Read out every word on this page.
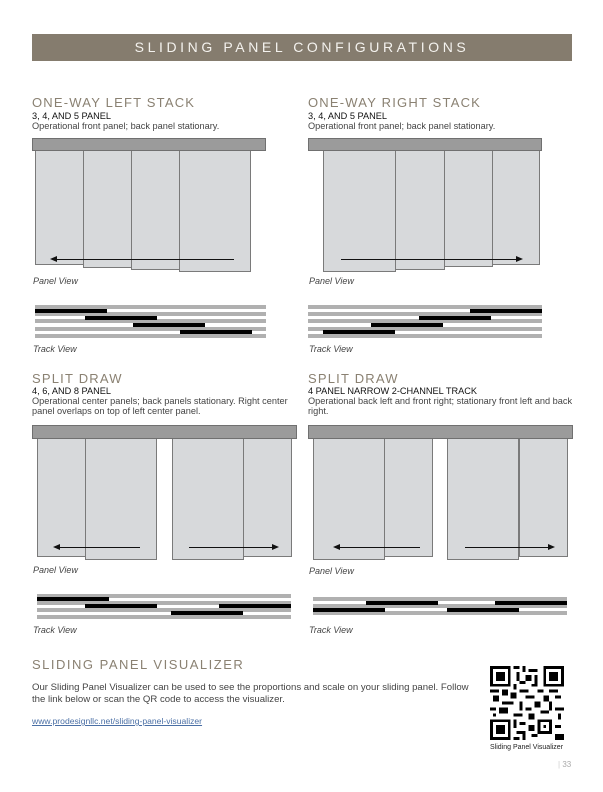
SLIDING PANEL CONFIGURATIONS
ONE-WAY LEFT STACK
3, 4, AND 5 PANEL
Operational front panel; back panel stationary.
Panel View
Track View
ONE-WAY RIGHT STACK
3, 4, AND 5 PANEL
Operational front panel; back panel stationary.
Panel View
Track View
SPLIT DRAW
4, 6, AND 8 PANEL
Operational center panels; back panels stationary. Right center panel overlaps on top of left center panel.
Panel View
Track View
SPLIT DRAW
4 PANEL NARROW 2-CHANNEL TRACK
Operational back left and front right; stationary front left and back right.
Panel View
Track View
SLIDING PANEL VISUALIZER
Our Sliding Panel Visualizer can be used to see the proportions and scale on your sliding panel. Follow the link below or scan the QR code to access the visualizer.
www.prodesignllc.net/sliding-panel-visualizer
Sliding Panel Visualizer
| 33
